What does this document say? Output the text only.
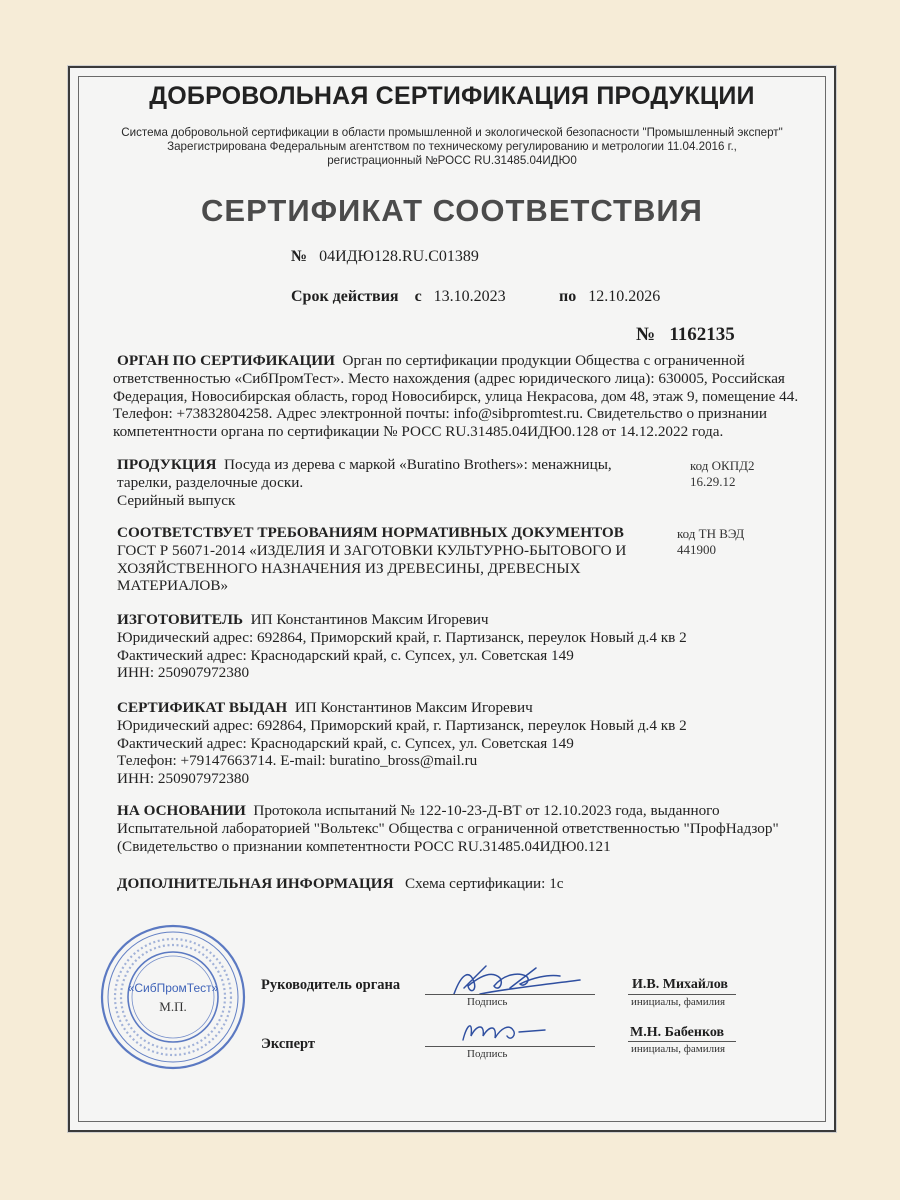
ДОБРОВОЛЬНАЯ СЕРТИФИКАЦИЯ ПРОДУКЦИИ
Система добровольной сертификации в области промышленной и экологической безопасности "Промышленный эксперт"
Зарегистрирована Федеральным агентством по техническому регулированию и метрологии 11.04.2016 г.,
регистрационный №РОСС RU.31485.04ИДЮ0
СЕРТИФИКАТ СООТВЕТСТВИЯ
№ 04ИДЮ128.RU.C01389
Срок действия с 13.10.2023	по 12.10.2026
№ 1162135
ОРГАН ПО СЕРТИФИКАЦИИ Орган по сертификации продукции Общества с ограниченной
ответственностью «СибПромТест». Место нахождения (адрес юридического лица): 630005, Российская
Федерация, Новосибирская область, город Новосибирск, улица Некрасова, дом 48, этаж 9, помещение 44.
Телефон: +73832804258. Адрес электронной почты: info@sibpromtest.ru. Свидетельство о признании
компетентности органа по сертификации № РОСС RU.31485.04ИДЮ0.128 от 14.12.2022 года.
ПРОДУКЦИЯ Посуда из дерева с маркой «Buratino Brothers»: менажницы,
тарелки, разделочные доски.
Серийный выпуск
код ОКПД2
16.29.12
СООТВЕТСТВУЕТ ТРЕБОВАНИЯМ НОРМАТИВНЫХ ДОКУМЕНТОВ
ГОСТ Р 56071-2014 «ИЗДЕЛИЯ И ЗАГОТОВКИ КУЛЬТУРНО-БЫТОВОГО И
ХОЗЯЙСТВЕННОГО НАЗНАЧЕНИЯ ИЗ ДРЕВЕСИНЫ, ДРЕВЕСНЫХ
МАТЕРИАЛОВ»
код ТН ВЭД
441900
ИЗГОТОВИТЕЛЬ ИП Константинов Максим Игоревич
Юридический адрес: 692864, Приморский край, г. Партизанск, переулок Новый д.4 кв 2
Фактический адрес: Краснодарский край, с. Супсех, ул. Советская 149
ИНН: 250907972380
СЕРТИФИКАТ ВЫДАН ИП Константинов Максим Игоревич
Юридический адрес: 692864, Приморский край, г. Партизанск, переулок Новый д.4 кв 2
Фактический адрес: Краснодарский край, с. Супсех, ул. Советская 149
Телефон: +79147663714. E-mail: buratino_bross@mail.ru
ИНН: 250907972380
НА ОСНОВАНИИ Протокола испытаний № 122-10-23-Д-ВТ от 12.10.2023 года, выданного
Испытательной лабораторией "Вольтекс" Общества с ограниченной ответственностью "ПрофНадзор"
(Свидетельство о признании компетентности РОСС RU.31485.04ИДЮ0.121
ДОПОЛНИТЕЛЬНАЯ ИНФОРМАЦИЯ Схема сертификации: 1с
«СибПромТест»
М.П.
Руководитель органа
Подпись
И.В. Михайлов
инициалы, фамилия
Эксперт
Подпись
М.Н. Бабенков
инициалы, фамилия
